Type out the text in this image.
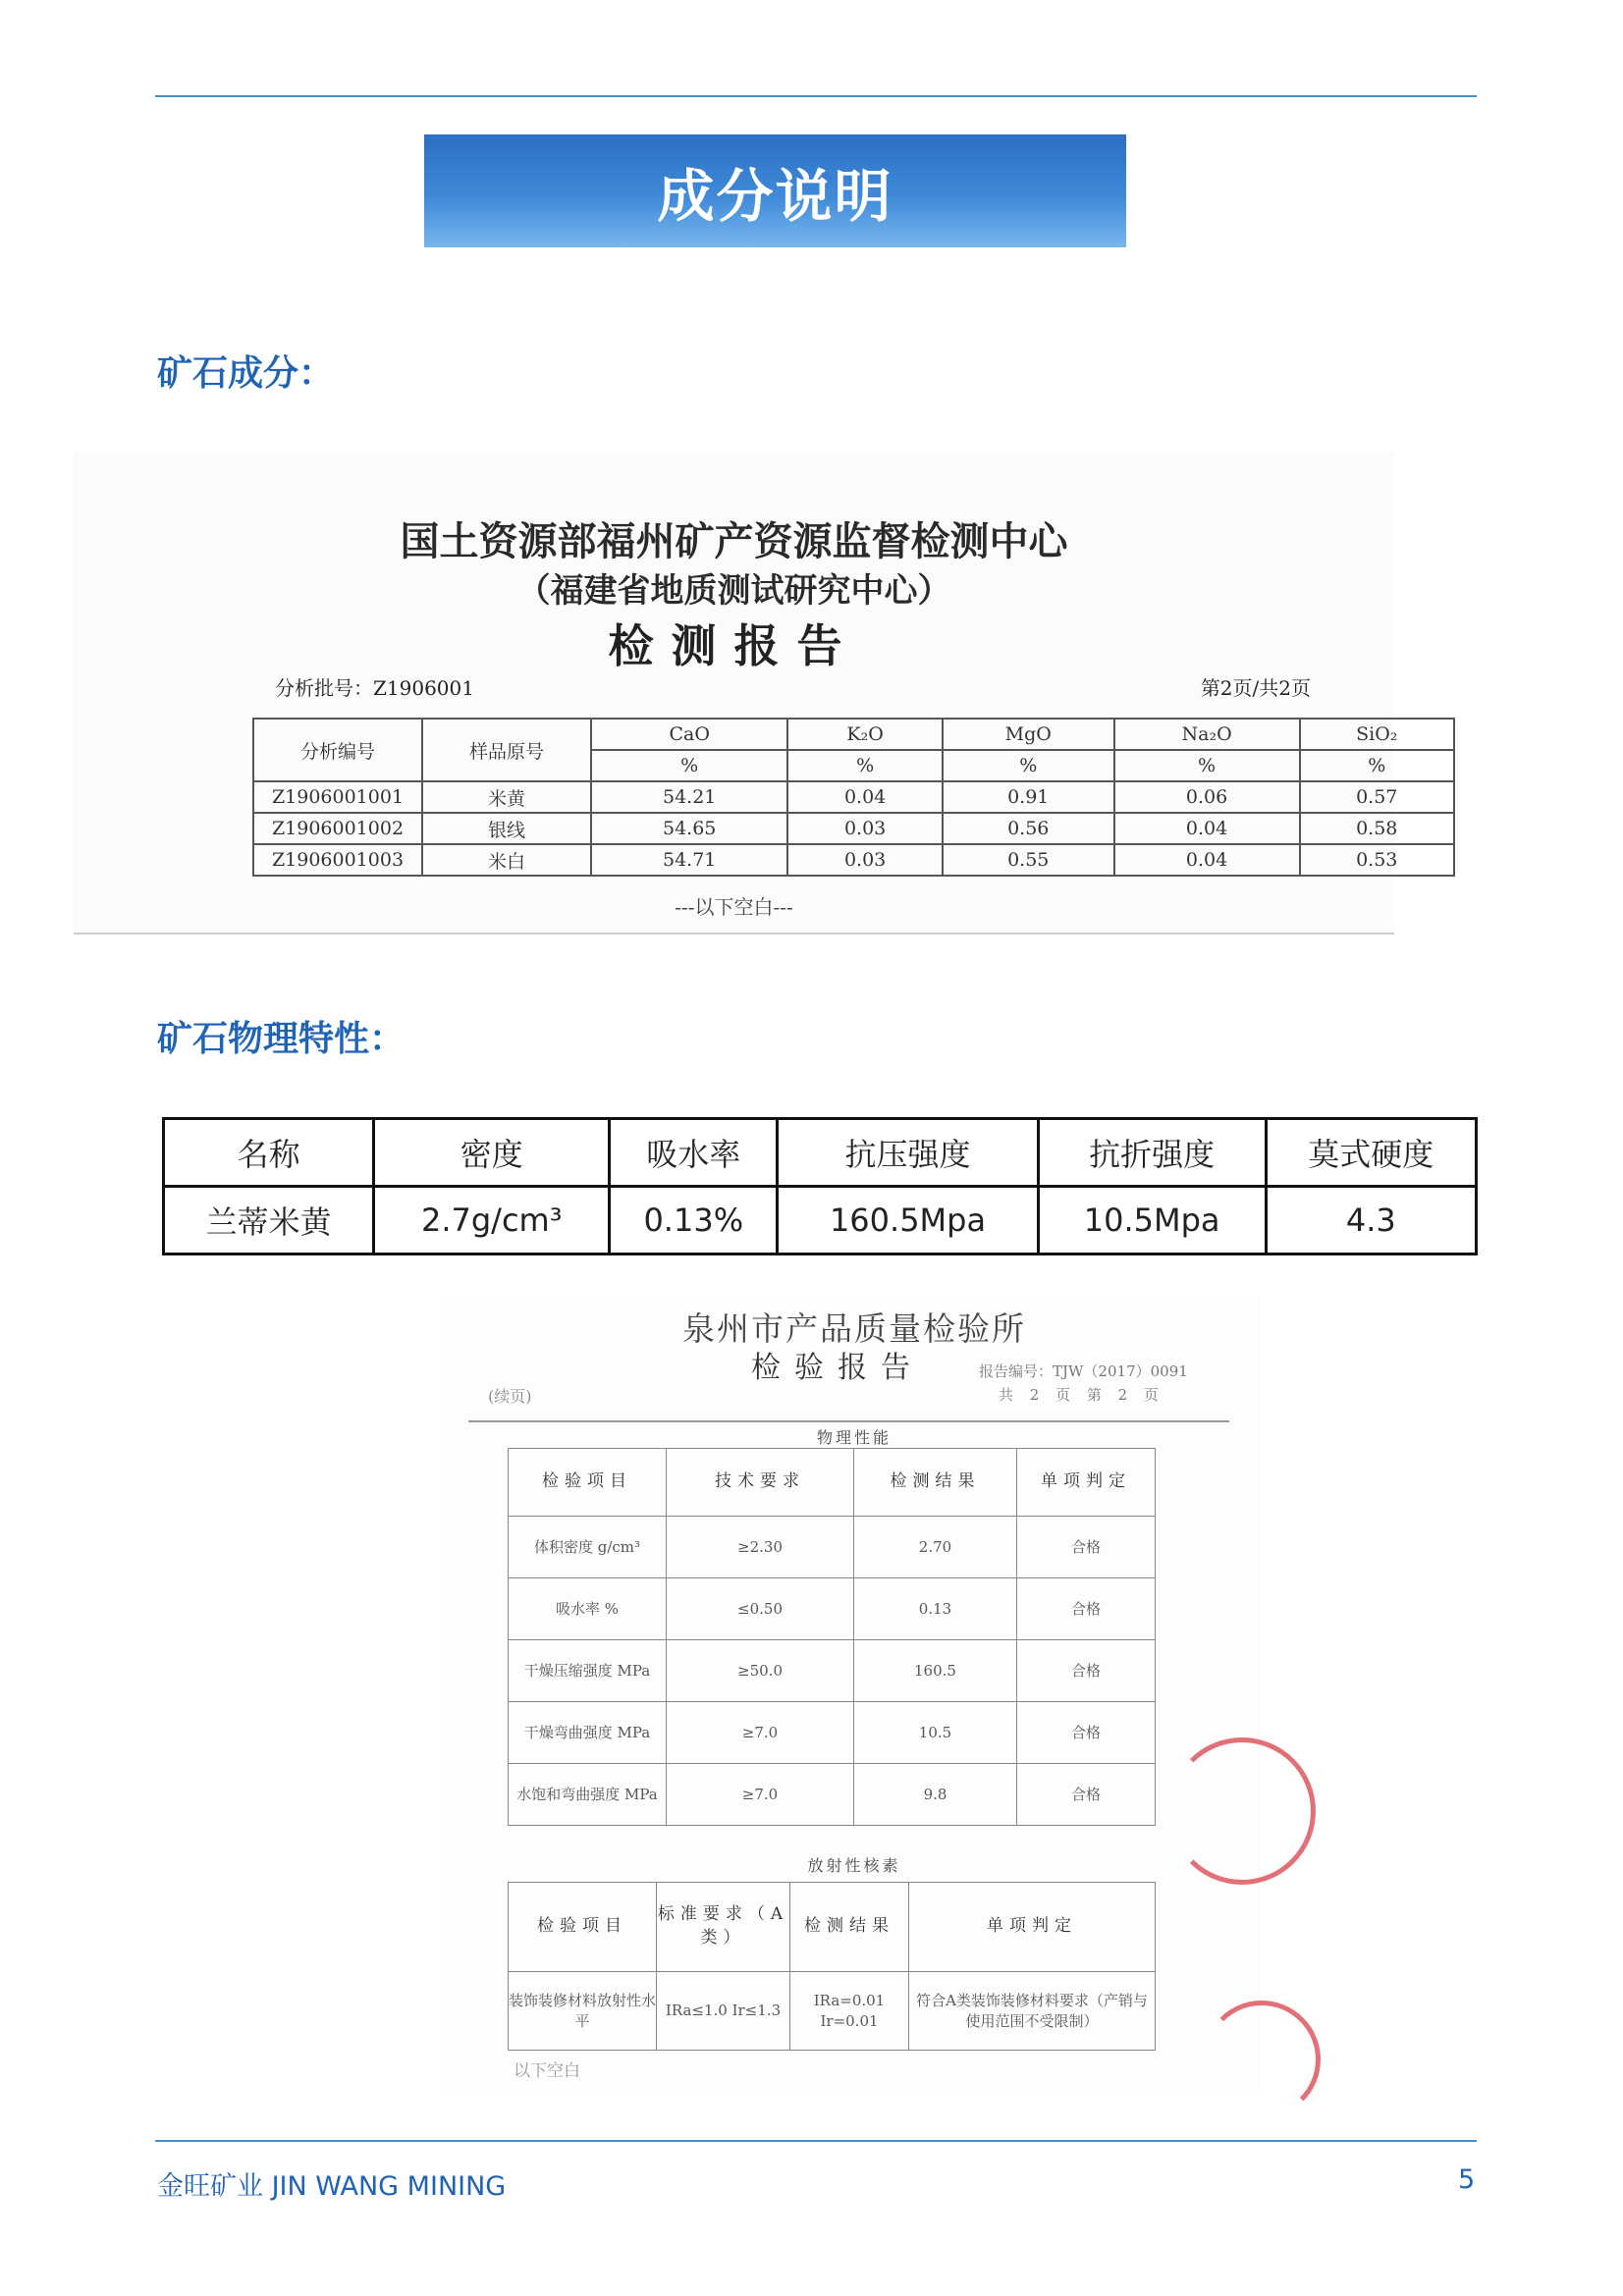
成分说明
矿石成分：
国土资源部福州矿产资源监督检测中心
（福建省地质测试研究中心）
检测报告
分析批号：Z1906001	第2页/共2页
分析编号	样品原号	CaO	K₂O	MgO	Na₂O	SiO₂
		%	%	%	%	%
Z1906001001	米黄	54.21	0.04	0.91	0.06	0.57
Z1906001002	银线	54.65	0.03	0.56	0.04	0.58
Z1906001003	米白	54.71	0.03	0.55	0.04	0.53
---以下空白---
矿石物理特性：
名称	密度	吸水率	抗压强度	抗折强度	莫式硬度
兰蒂米黄	2.7g/cm³	0.13%	160.5Mpa	10.5Mpa	4.3
泉州市产品质量检验所
检验报告	报告编号：TJW（2017）0091
共 2 页 第 2 页
(续页)
物理性能
检验项目	技术要求	检测结果	单项判定
体积密度 g/cm³	≥2.30	2.70	合格
吸水率 %	≤0.50	0.13	合格
干燥压缩强度 MPa	≥50.0	160.5	合格
干燥弯曲强度 MPa	≥7.0	10.5	合格
水饱和弯曲强度 MPa	≥7.0	9.8	合格
放射性核素
检验项目	标准要求（A类）	检测结果	单项判定
装饰装修材料放射性水平	IRa≤1.0 Ir≤1.3	IRa=0.01 Ir=0.01	符合A类装饰装修材料要求（产销与使用范围不受限制）
以下空白
金旺矿业 JIN WANG MINING	5
